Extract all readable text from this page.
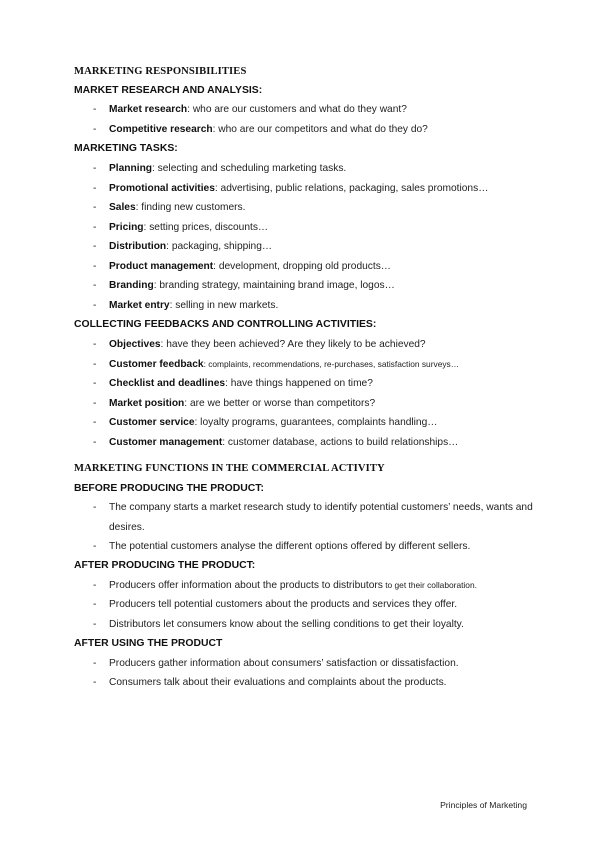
MARKETING RESPONSIBILITIES
MARKET RESEARCH AND ANALYSIS:
- Market research: who are our customers and what do they want?
- Competitive research: who are our competitors and what do they do?
MARKETING TASKS:
- Planning: selecting and scheduling marketing tasks.
- Promotional activities: advertising, public relations, packaging, sales promotions…
- Sales: finding new customers.
- Pricing: setting prices, discounts…
- Distribution: packaging, shipping…
- Product management: development, dropping old products…
- Branding: branding strategy, maintaining brand image, logos…
- Market entry: selling in new markets.
COLLECTING FEEDBACKS AND CONTROLLING ACTIVITIES:
- Objectives: have they been achieved? Are they likely to be achieved?
- Customer feedback: complaints, recommendations, re-purchases, satisfaction surveys…
- Checklist and deadlines: have things happened on time?
- Market position: are we better or worse than competitors?
- Customer service: loyalty programs, guarantees, complaints handling…
- Customer management: customer database, actions to build relationships…
MARKETING FUNCTIONS IN THE COMMERCIAL ACTIVITY
BEFORE PRODUCING THE PRODUCT:
- The company starts a market research study to identify potential customers’ needs, wants and desires.
- The potential customers analyse the different options offered by different sellers.
AFTER PRODUCING THE PRODUCT:
- Producers offer information about the products to distributors to get their collaboration.
- Producers tell potential customers about the products and services they offer.
- Distributors let consumers know about the selling conditions to get their loyalty.
AFTER USING THE PRODUCT
- Producers gather information about consumers’ satisfaction or dissatisfaction.
- Consumers talk about their evaluations and complaints about the products.
Principles of Marketing
